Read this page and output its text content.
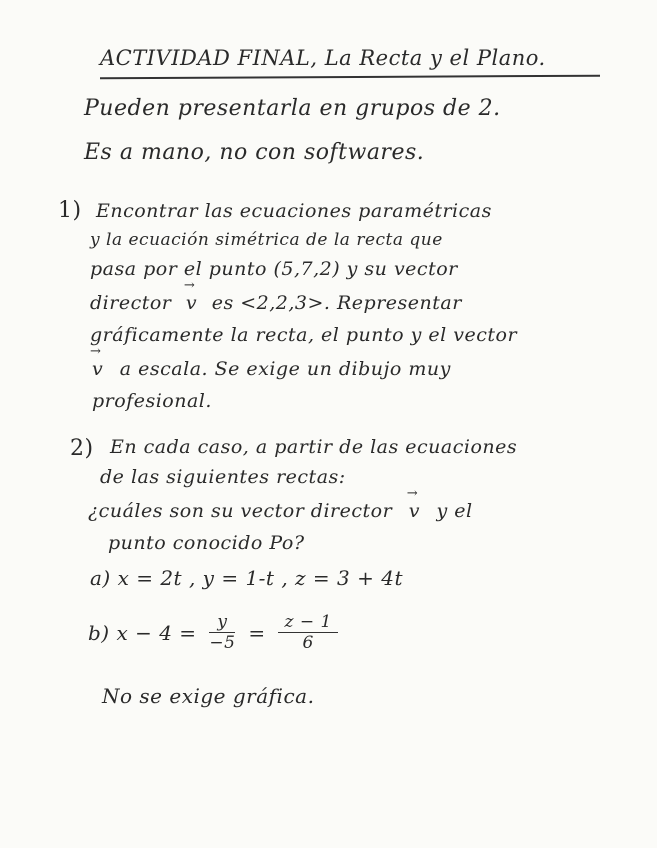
ACTIVIDAD FINAL, La Recta y el Plano.
Pueden presentarla en grupos de 2.
Es a mano, no con softwares.
1) Encontrar las ecuaciones paramétricas
y la ecuación simétrica de la recta que
pasa por el punto (5,7,2) y su vector
director → v es <2,2,3>. Representar
gráficamente la recta, el punto y el vector
→ v a escala. Se exige un dibujo muy
profesional.
2) En cada caso, a partir de las ecuaciones
de las siguientes rectas:
¿cuáles son su vector director → v y el
punto conocido Po?
a) x = 2t , y = 1-t , z = 3 + 4t
b) $x - 4 = \frac{y}{-5} = \frac{z - 1}{6}$
No se exige gráfica.
